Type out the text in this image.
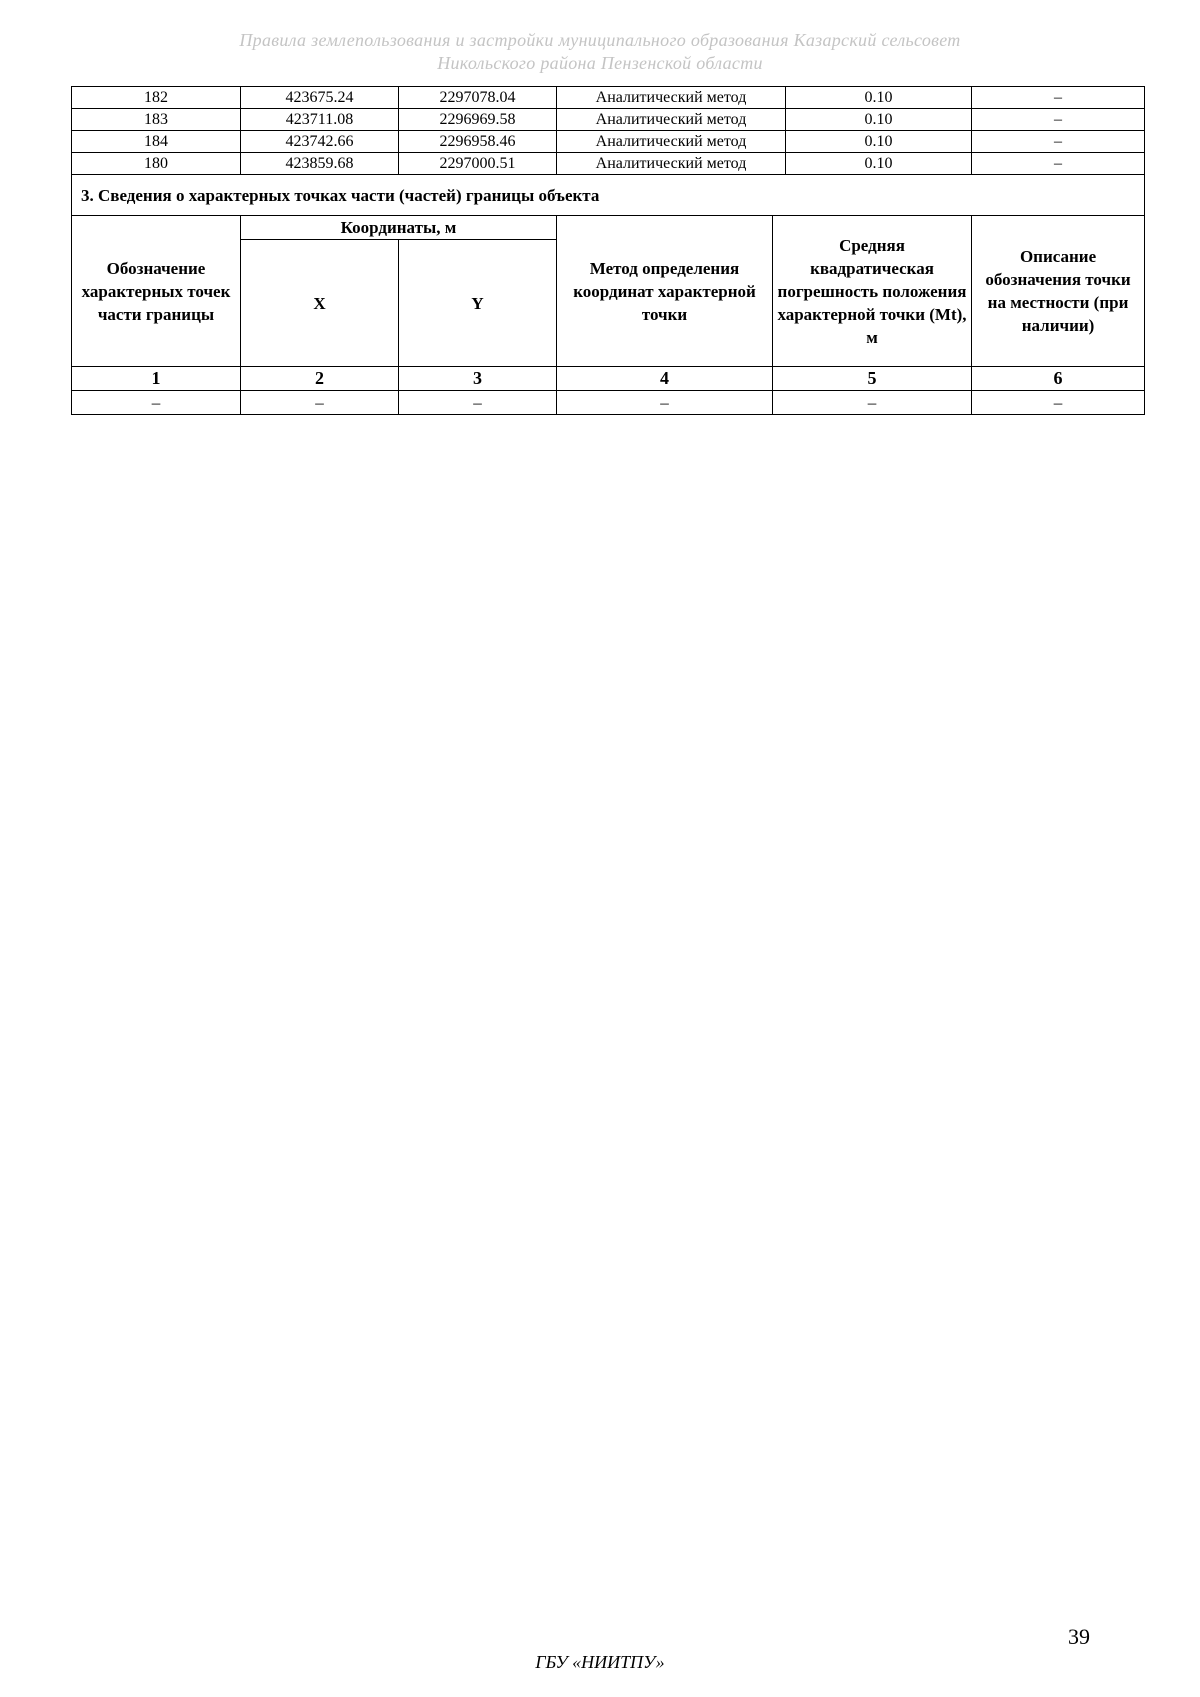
Правила землепользования и застройки муниципального образования Казарский сельсовет
Никольского района Пензенской области
182	423675.24	2297078.04	Аналитический метод	0.10	–
183	423711.08	2296969.58	Аналитический метод	0.10	–
184	423742.66	2296958.46	Аналитический метод	0.10	–
180	423859.68	2297000.51	Аналитический метод	0.10	–
3. Сведения о характерных точках части (частей) границы объекта					
Обозначение характерных точек части границы	Координаты, м		Метод определения координат характерной точки	Средняя квадратическая погрешность положения характерной точки (Mt), м	Описание обозначения точки на местности (при наличии)
	X	Y			
1	2	3	4	5	6
–	–	–	–	–	–
39
ГБУ «НИИТПУ»
